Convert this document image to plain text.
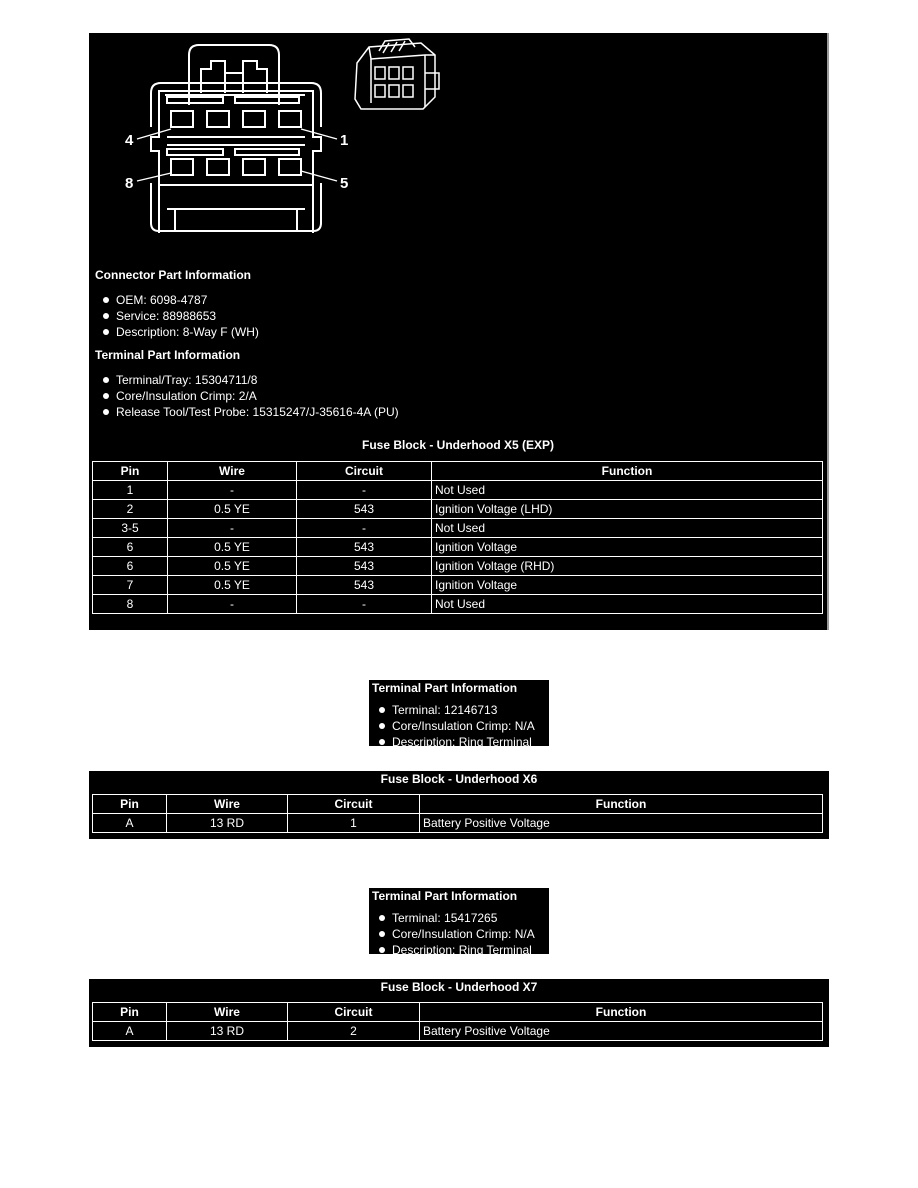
4	1
8	5
Connector Part Information
OEM: 6098-4787
Service: 88988653
Description: 8-Way F (WH)
Terminal Part Information
Terminal/Tray: 15304711/8
Core/Insulation Crimp: 2/A
Release Tool/Test Probe: 15315247/J-35616-4A (PU)
Fuse Block - Underhood X5 (EXP)
Pin	Wire	Circuit	Function
1	-	-	Not Used
2	0.5 YE	543	Ignition Voltage (LHD)
3-5	-	-	Not Used
6	0.5 YE	543	Ignition Voltage
6	0.5 YE	543	Ignition Voltage (RHD)
7	0.5 YE	543	Ignition Voltage
8	-	-	Not Used
Terminal Part Information
Terminal: 12146713
Core/Insulation Crimp: N/A
Description: Ring Terminal
Fuse Block - Underhood X6
Pin	Wire	Circuit	Function
A	13 RD	1	Battery Positive Voltage
Terminal Part Information
Terminal: 15417265
Core/Insulation Crimp: N/A
Description: Ring Terminal
Fuse Block - Underhood X7
Pin	Wire	Circuit	Function
A	13 RD	2	Battery Positive Voltage
